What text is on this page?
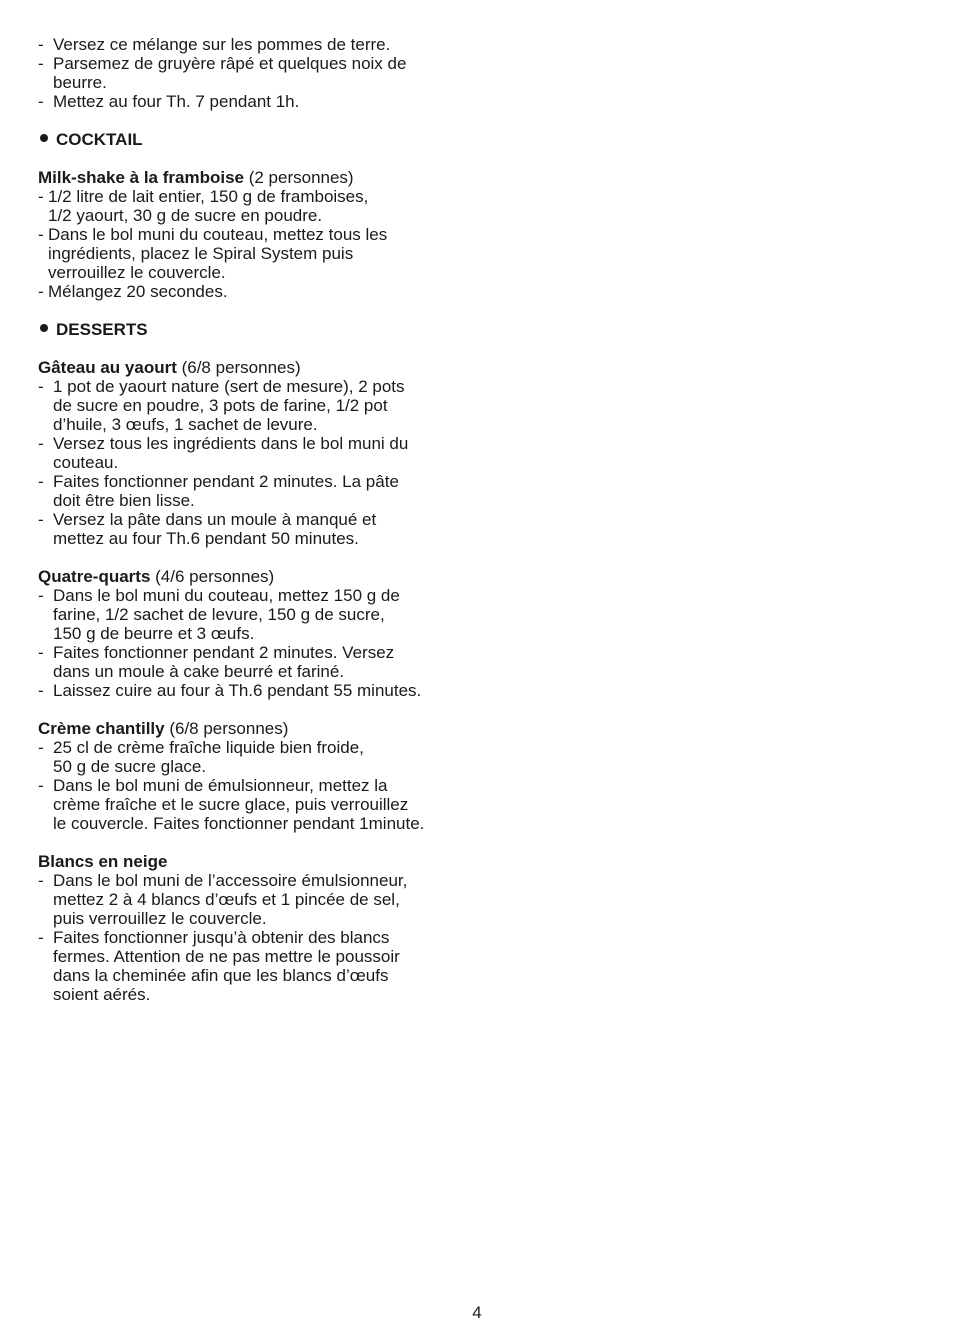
- Versez ce mélange sur les pommes de terre.
- Parsemez de gruyère râpé et quelques noix de
beurre.
- Mettez au four Th. 7 pendant 1h.
COCKTAIL
Milk-shake à la framboise (2 personnes)
- 1/2 litre de lait entier, 150 g de framboises,
1/2 yaourt, 30 g de sucre en poudre.
- Dans le bol muni du couteau, mettez tous les
ingrédients, placez le Spiral System puis
verrouillez le couvercle.
- Mélangez 20 secondes.
DESSERTS
Gâteau au yaourt (6/8 personnes)
- 1 pot de yaourt nature (sert de mesure), 2 pots
de sucre en poudre, 3 pots de farine, 1/2 pot
d’huile, 3 œufs, 1 sachet de levure.
- Versez tous les ingrédients dans le bol muni du
couteau.
- Faites fonctionner pendant 2 minutes. La pâte
doit être bien lisse.
- Versez la pâte dans un moule à manqué et
mettez au four Th.6 pendant 50 minutes.
Quatre-quarts (4/6 personnes)
- Dans le bol muni du couteau, mettez 150 g de
farine, 1/2 sachet de levure, 150 g de sucre,
150 g de beurre et 3 œufs.
- Faites fonctionner pendant 2 minutes. Versez
dans un moule à cake beurré et fariné.
- Laissez cuire au four à Th.6 pendant 55 minutes.
Crème chantilly (6/8 personnes)
- 25 cl de crème fraîche liquide bien froide,
50 g de sucre glace.
- Dans le bol muni de émulsionneur, mettez la
crème fraîche et le sucre glace, puis verrouillez
le couvercle. Faites fonctionner pendant 1minute.
Blancs en neige
- Dans le bol muni de l’accessoire émulsionneur,
mettez 2 à 4 blancs d’œufs et 1 pincée de sel,
puis verrouillez le couvercle.
- Faites fonctionner jusqu’à obtenir des blancs
fermes. Attention de ne pas mettre le poussoir
dans la cheminée afin que les blancs d’œufs
soient aérés.
4
